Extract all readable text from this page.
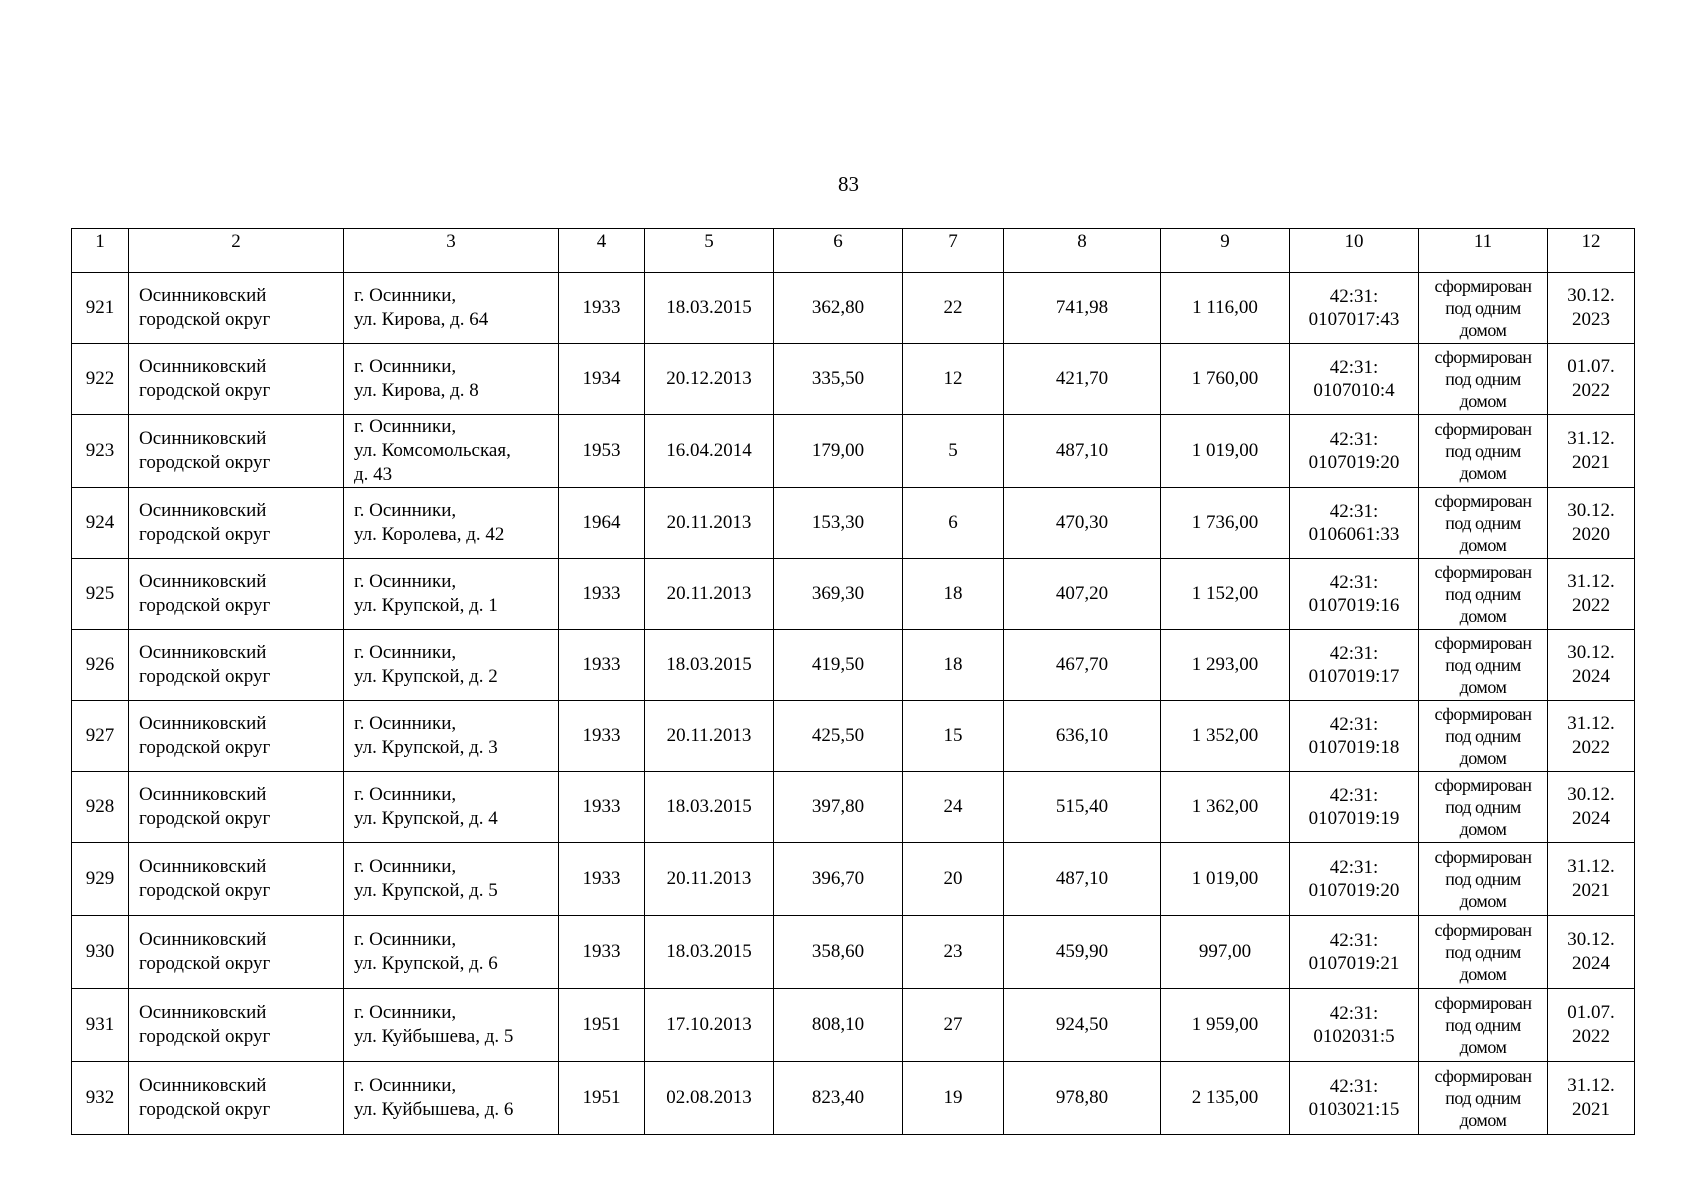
83
1	2	3	4	5	6	7	8	9	10	11	12
921	Осинниковский
городской округ	г. Осинники,
ул. Кирова, д. 64	1933	18.03.2015	362,80	22	741,98	1 116,00	42:31:
0107017:43	сформирован
под одним
домом	30.12.
2023

922	Осинниковский
городской округ	г. Осинники,
ул. Кирова, д. 8	1934	20.12.2013	335,50	12	421,70	1 760,00	42:31:
0107010:4	сформирован
под одним
домом	01.07.
2022

923	Осинниковский
городской округ	г. Осинники,
ул. Комсомольская,
д. 43	1953	16.04.2014	179,00	5	487,10	1 019,00	42:31:
0107019:20	сформирован
под одним
домом	31.12.
2021

924	Осинниковский
городской округ	г. Осинники,
ул. Королева, д. 42	1964	20.11.2013	153,30	6	470,30	1 736,00	42:31:
0106061:33	сформирован
под одним
домом	30.12.
2020

925	Осинниковский
городской округ	г. Осинники,
ул. Крупской, д. 1	1933	20.11.2013	369,30	18	407,20	1 152,00	42:31:
0107019:16	сформирован
под одним
домом	31.12.
2022

926	Осинниковский
городской округ	г. Осинники,
ул. Крупской, д. 2	1933	18.03.2015	419,50	18	467,70	1 293,00	42:31:
0107019:17	сформирован
под одним
домом	30.12.
2024

927	Осинниковский
городской округ	г. Осинники,
ул. Крупской, д. 3	1933	20.11.2013	425,50	15	636,10	1 352,00	42:31:
0107019:18	сформирован
под одним
домом	31.12.
2022

928	Осинниковский
городской округ	г. Осинники,
ул. Крупской, д. 4	1933	18.03.2015	397,80	24	515,40	1 362,00	42:31:
0107019:19	сформирован
под одним
домом	30.12.
2024

929	Осинниковский
городской округ	г. Осинники,
ул. Крупской, д. 5	1933	20.11.2013	396,70	20	487,10	1 019,00	42:31:
0107019:20	сформирован
под одним
домом	31.12.
2021

930	Осинниковский
городской округ	г. Осинники,
ул. Крупской, д. 6	1933	18.03.2015	358,60	23	459,90	997,00	42:31:
0107019:21	сформирован
под одним
домом	30.12.
2024

931	Осинниковский
городской округ	г. Осинники,
ул. Куйбышева, д. 5	1951	17.10.2013	808,10	27	924,50	1 959,00	42:31:
0102031:5	сформирован
под одним
домом	01.07.
2022

932	Осинниковский
городской округ	г. Осинники,
ул. Куйбышева, д. 6	1951	02.08.2013	823,40	19	978,80	2 135,00	42:31:
0103021:15	сформирован
под одним
домом	31.12.
2021
